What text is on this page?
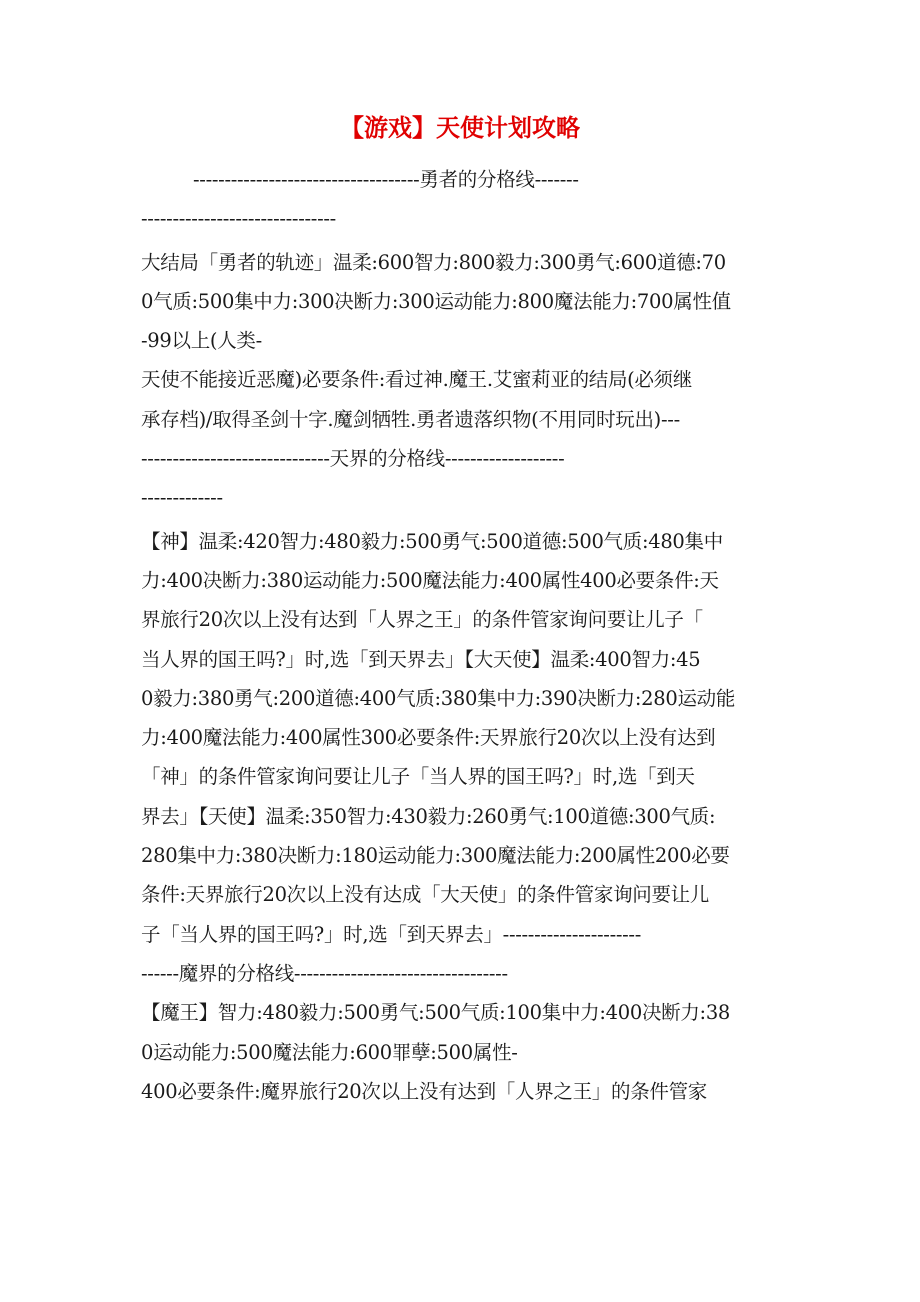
【游戏】天使计划攻略
------------------------------------勇者的分格线-------
-------------------------------
大结局「勇者的轨迹」温柔:600智力:800毅力:300勇气:600道德:70
0气质:500集中力:300决断力:300运动能力:800魔法能力:700属性值
-99以上(人类-
天使不能接近恶魔)必要条件:看过神.魔王.艾蜜莉亚的结局(必须继
承存档)/取得圣剑十字.魔剑牺牲.勇者遗落织物(不用同时玩出)---
------------------------------天界的分格线-------------------
-------------
【神】温柔:420智力:480毅力:500勇气:500道德:500气质:480集中
力:400决断力:380运动能力:500魔法能力:400属性400必要条件:天
界旅行20次以上没有达到「人界之王」的条件管家询问要让儿子「
当人界的国王吗?」时,选「到天界去」【大天使】温柔:400智力:45
0毅力:380勇气:200道德:400气质:380集中力:390决断力:280运动能
力:400魔法能力:400属性300必要条件:天界旅行20次以上没有达到
「神」的条件管家询问要让儿子「当人界的国王吗?」时,选「到天
界去」【天使】温柔:350智力:430毅力:260勇气:100道德:300气质:
280集中力:380决断力:180运动能力:300魔法能力:200属性200必要
条件:天界旅行20次以上没有达成「大天使」的条件管家询问要让儿
子「当人界的国王吗?」时,选「到天界去」----------------------
------魔界的分格线----------------------------------
【魔王】智力:480毅力:500勇气:500气质:100集中力:400决断力:38
0运动能力:500魔法能力:600罪孽:500属性-
400必要条件:魔界旅行20次以上没有达到「人界之王」的条件管家
